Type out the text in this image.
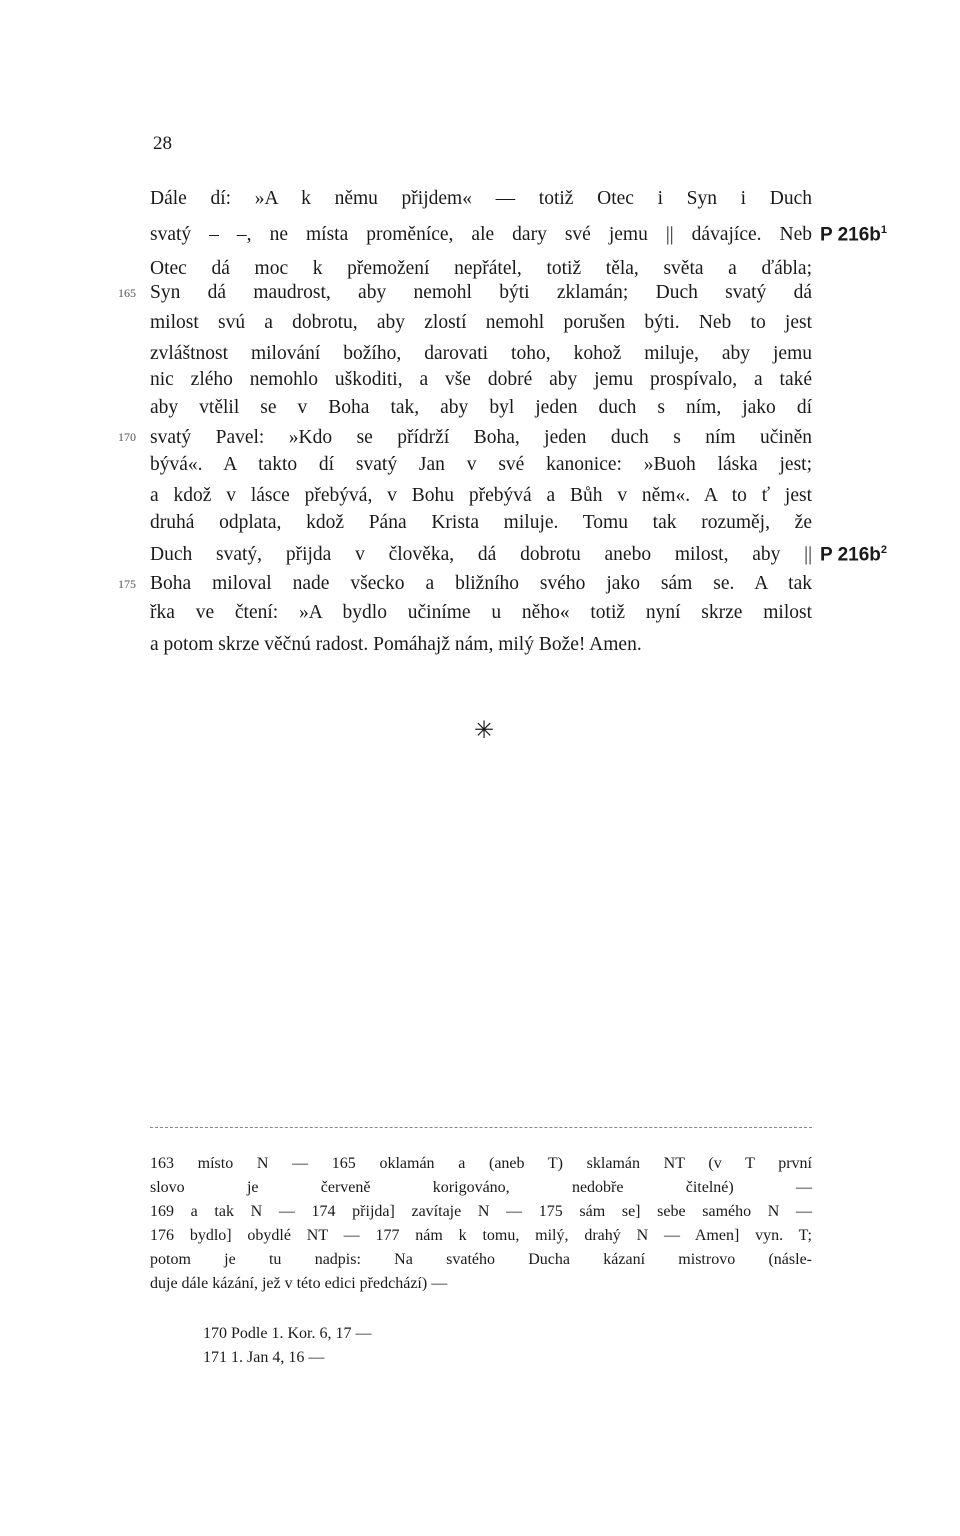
28
Dále dí: »A k němu přijdem« — totiž Otec i Syn i Duch
svatý – –, ne místa proměníce, ale dary své jemu || dávajíce. Neb
Otec dá moc k přemožení nepřátel, totiž těla, světa a ďábla;
Syn dá maudrost, aby nemohl býti zklamán; Duch svatý dá
milost svú a dobrotu, aby zlostí nemohl porušen býti. Neb to jest
zvláštnost milování božího, darovati toho, kohož miluje, aby jemu
nic zlého nemohlo uškoditi, a vše dobré aby jemu prospívalo, a také
aby vtělil se v Boha tak, aby byl jeden duch s ním, jako dí
svatý Pavel: »Kdo se přídrží Boha, jeden duch s ním učiněn
bývá«. A takto dí svatý Jan v své kanonice: »Buoh láska jest;
a kdož v lásce přebývá, v Bohu přebývá a Bůh v něm«. A to ť jest
druhá odplata, kdož Pána Krista miluje. Tomu tak rozuměj, že
Duch svatý, přijda v člověka, dá dobrotu anebo milost, aby ||
Boha miloval nade všecko a bližního svého jako sám se. A tak
řka ve čtení: »A bydlo učiníme u něho« totiž nyní skrze milost
a potom skrze věčnú radost. Pomáhajž nám, milý Bože! Amen.
165
170
175
P $216b^1$
P $216b^2$
✳
163 místo N — 165 oklamán a (aneb T) sklamán NT (v T první
slovo je červeně korigováno, nedobře čitelné) —
169 a tak N — 174 přijda] zavítaje N — 175 sám se] sebe samého N —
176 bydlo] obydlé NT — 177 nám k tomu, milý, drahý N — Amen] vyn. T;
potom je tu nadpis: Na svatého Ducha kázaní mistrovo (násle-
duje dále kázání, jež v této edici předchází) —
170 Podle 1. Kor. 6, 17 —
171 1. Jan 4, 16 —
